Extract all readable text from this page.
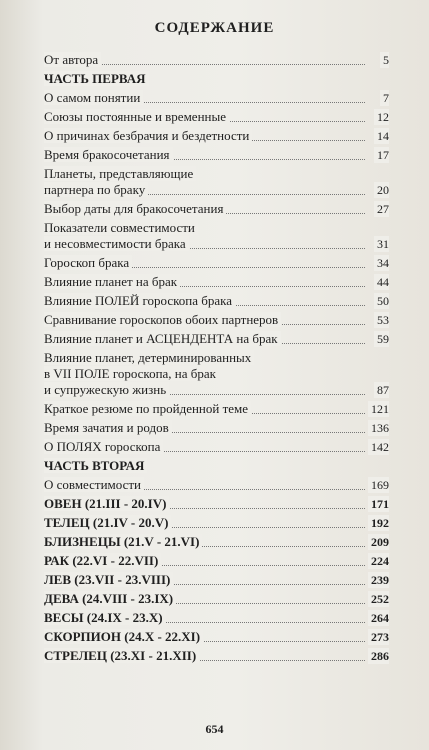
СОДЕРЖАНИЕ
От автора	5
ЧАСТЬ ПЕРВАЯ
О самом понятии	7
Союзы постоянные и временные	12
О причинах безбрачия и бездетности	14
Время бракосочетания	17
Планеты, представляющие
партнера по браку	20
Выбор даты для бракосочетания	27
Показатели совместимости
и несовместимости брака	31
Гороскоп брака	34
Влияние планет на брак	44
Влияние ПОЛЕЙ гороскопа брака	50
Сравнивание гороскопов обоих партнеров	53
Влияние планет и АСЦЕНДЕНТА на брак	59
Влияние планет, детерминированных
в VII ПОЛЕ гороскопа, на брак
и супружескую жизнь	87
Краткое резюме по пройденной теме	121
Время зачатия и родов	136
О ПОЛЯХ гороскопа	142
ЧАСТЬ ВТОРАЯ
О совместимости	169
ОВЕН (21.III - 20.IV)	171
ТЕЛЕЦ (21.IV - 20.V)	192
БЛИЗНЕЦЫ (21.V - 21.VI)	209
РАК (22.VI - 22.VII)	224
ЛЕВ (23.VII - 23.VIII)	239
ДЕВА (24.VIII - 23.IX)	252
ВЕСЫ (24.IX - 23.X)	264
СКОРПИОН (24.X - 22.XI)	273
СТРЕЛЕЦ (23.XI - 21.XII)	286
654
